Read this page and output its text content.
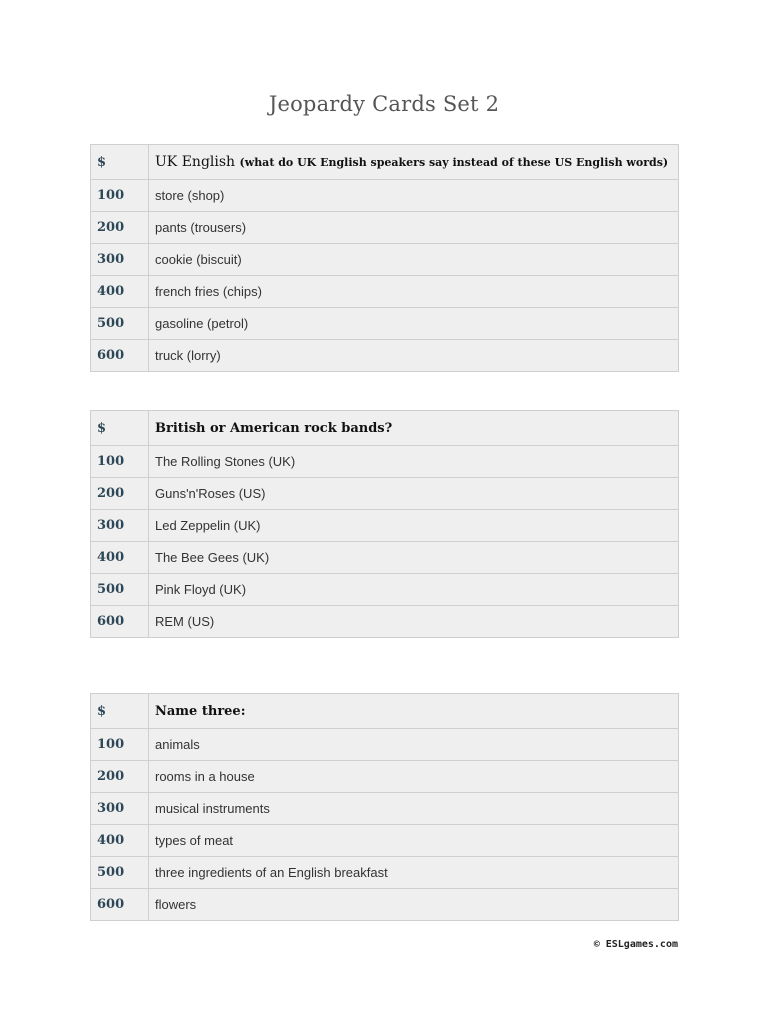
Jeopardy Cards Set 2
$	UK English (what do UK English speakers say instead of these US English words)
100	store (shop)
200	pants (trousers)
300	cookie (biscuit)
400	french fries (chips)
500	gasoline (petrol)
600	truck (lorry)
$	British or American rock bands?
100	The Rolling Stones (UK)
200	Guns'n'Roses (US)
300	Led Zeppelin (UK)
400	The Bee Gees (UK)
500	Pink Floyd (UK)
600	REM (US)
$	Name three:
100	animals
200	rooms in a house
300	musical instruments
400	types of meat
500	three ingredients of an English breakfast
600	flowers
© ESLgames.com
